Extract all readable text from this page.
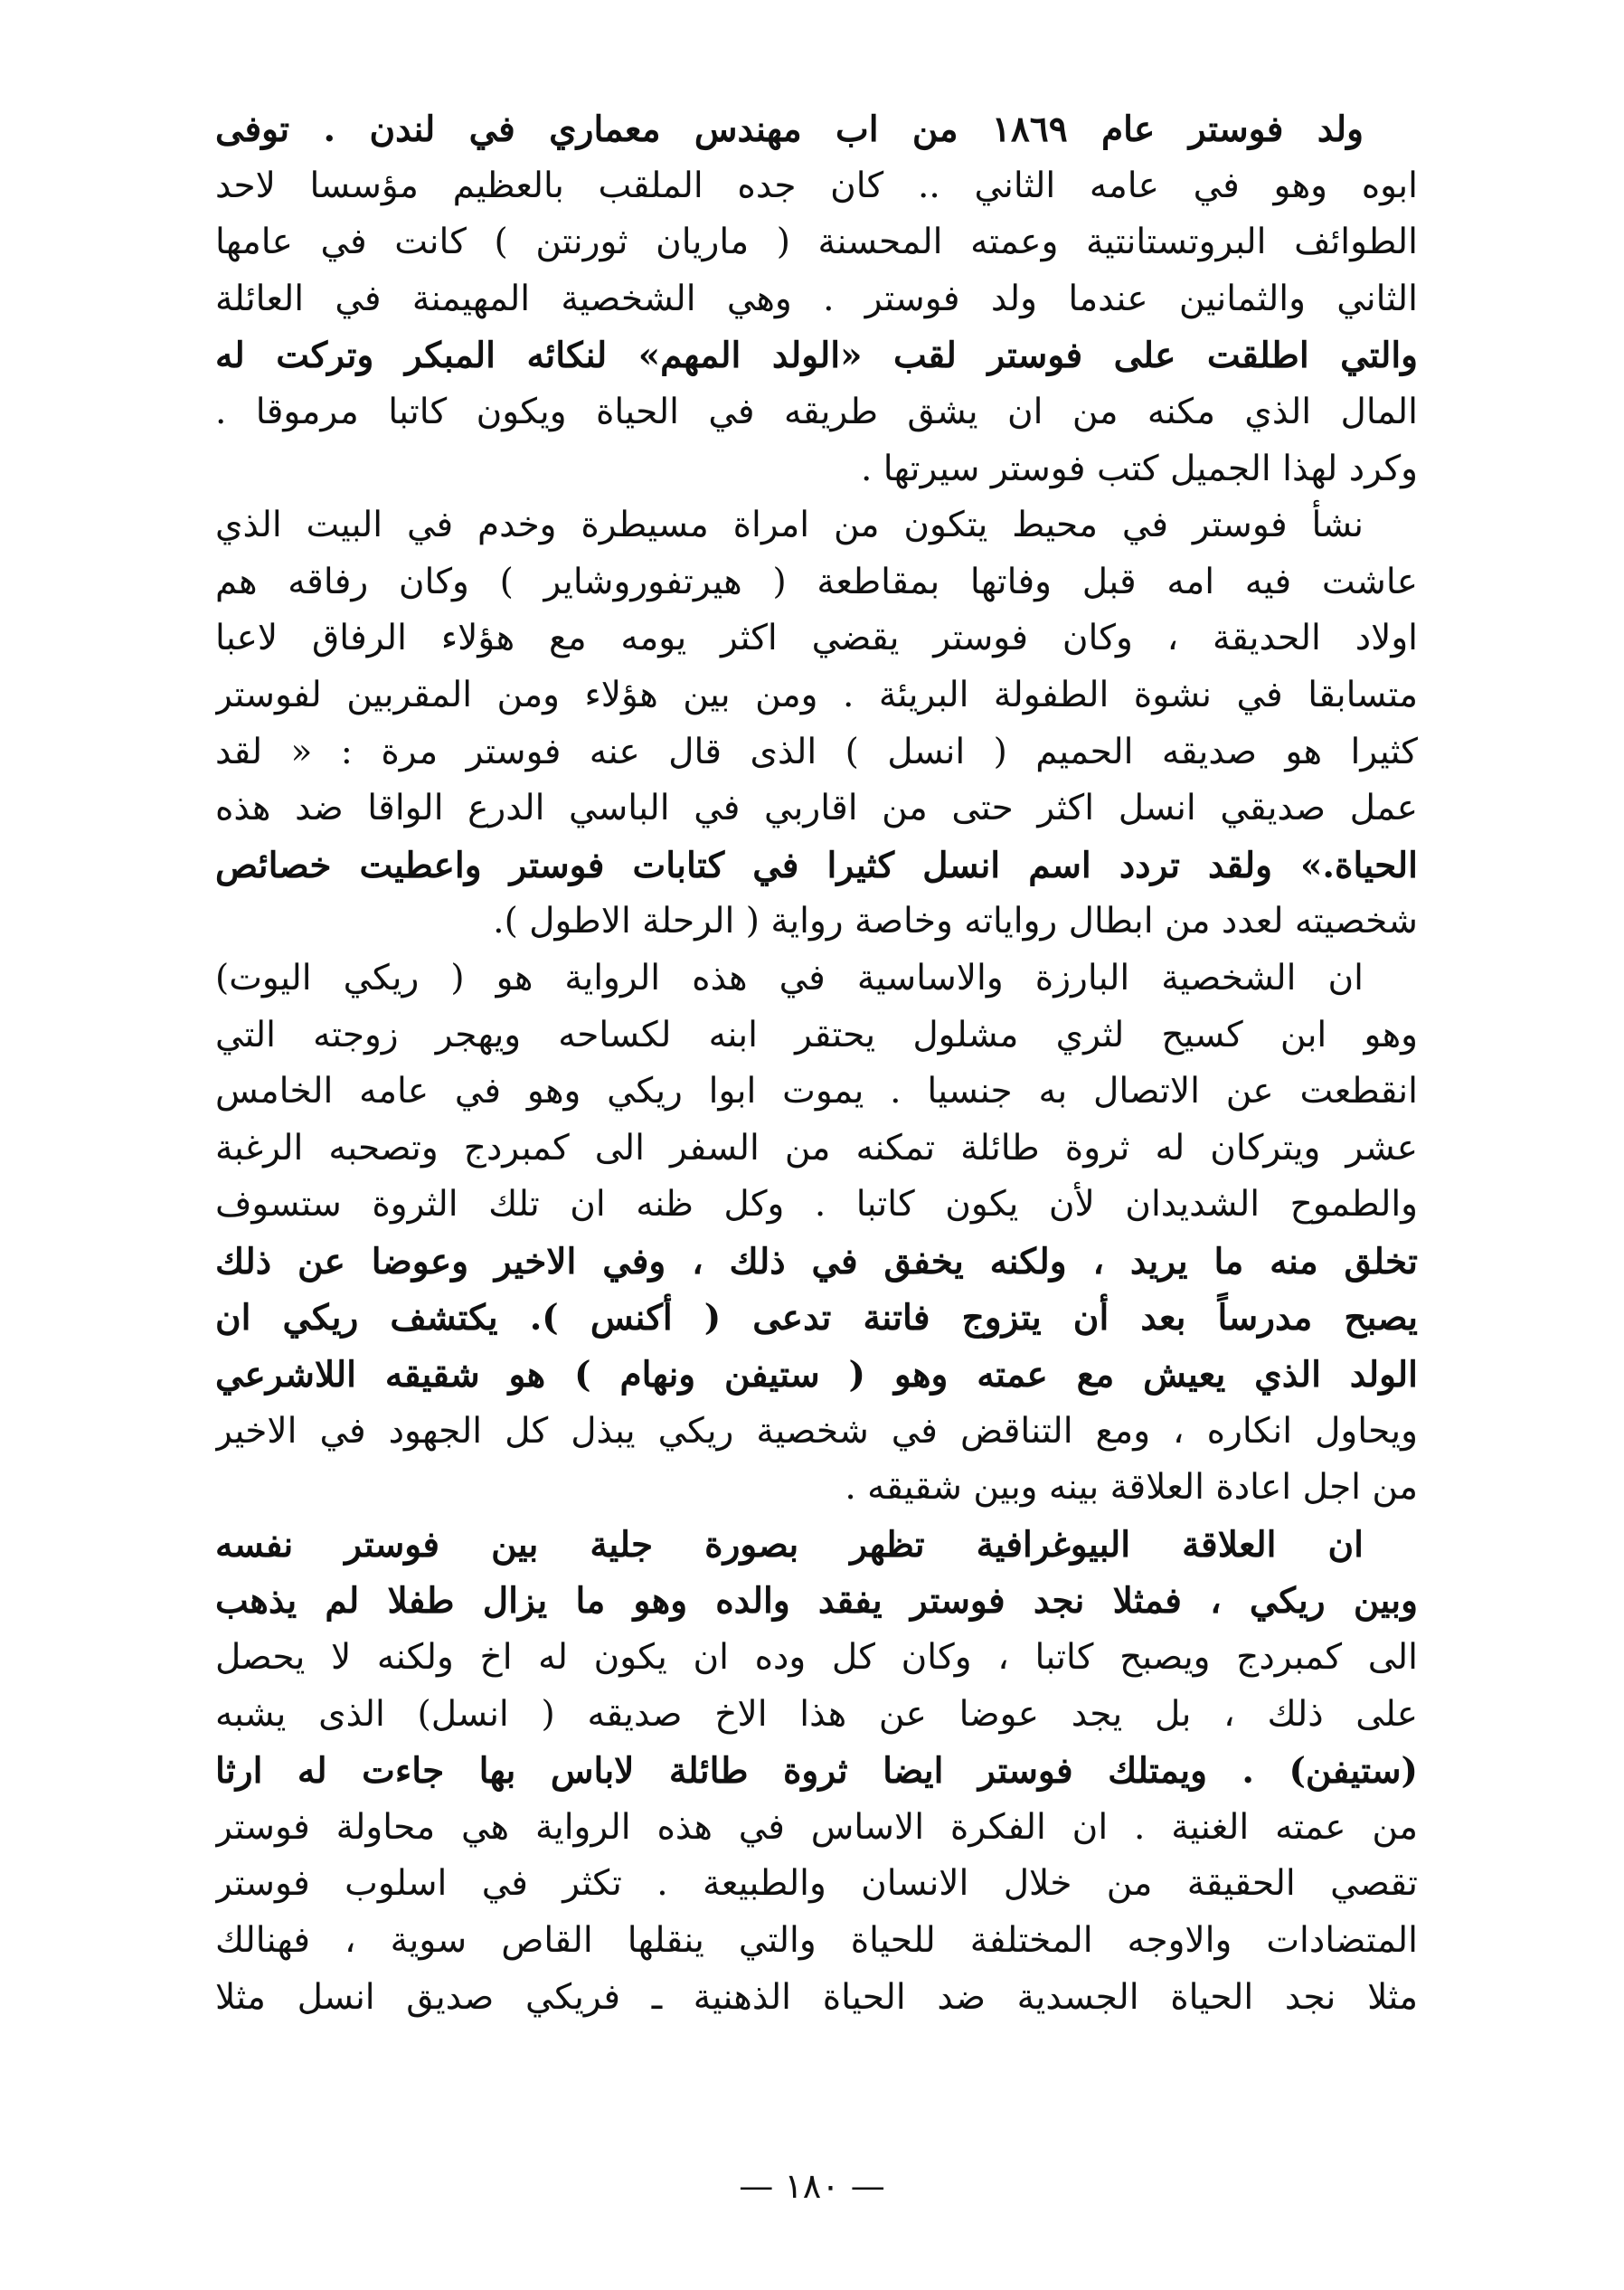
ولد فوستر عام ١٨٦٩ من اب مهندس معماري في لندن . توفى
ابوه وهو في عامه الثاني .. كان جده الملقب بالعظيم مؤسسا لاحد
الطوائف البروتستانتية وعمته المحسنة ( ماريان ثورنتن ) كانت في عامها
الثاني والثمانين عندما ولد فوستر . وهي الشخصية المهيمنة في العائلة
والتي اطلقت على فوستر لقب «الولد المهم» لنكائه المبكر وتركت له
المال الذي مكنه من ان يشق طريقه في الحياة ويكون كاتبا مرموقا .
وكرد لهذا الجميل كتب فوستر سيرتها .
نشأ فوستر في محيط يتكون من امراة مسيطرة وخدم في البيت الذي
عاشت فيه امه قبل وفاتها بمقاطعة ( هيرتفوروشاير ) وكان رفاقه هم
اولاد الحديقة ، وكان فوستر يقضي اكثر يومه مع هؤلاء الرفاق لاعبا
متسابقا في نشوة الطفولة البريئة . ومن بين هؤلاء ومن المقربين لفوستر
كثيرا هو صديقه الحميم ( انسل ) الذى قال عنه فوستر مرة : « لقد
عمل صديقي انسل اكثر حتى من اقاربي في الباسي الدرع الواقا ضد هذه
الحياة.» ولقد تردد اسم انسل كثيرا في كتابات فوستر واعطيت خصائص
شخصيته لعدد من ابطال رواياته وخاصة رواية ( الرحلة الاطول ).
ان الشخصية البارزة والاساسية في هذه الرواية هو ( ريكي اليوت)
وهو ابن كسيح لثري مشلول يحتقر ابنه لكساحه ويهجر زوجته التي
انقطعت عن الاتصال به جنسيا . يموت ابوا ريكي وهو في عامه الخامس
عشر ويتركان له ثروة طائلة تمكنه من السفر الى كمبردج وتصحبه الرغبة
والطموح الشديدان لأن يكون كاتبا . وكل ظنه ان تلك الثروة ستسوف
تخلق منه ما يريد ، ولكنه يخفق في ذلك ، وفي الاخير وعوضا عن ذلك
يصبح مدرساً بعد أن يتزوج فاتنة تدعى ( أكنس ). يكتشف ريكي ان
الولد الذي يعيش مع عمته وهو ( ستيفن ونهام ) هو شقيقه اللاشرعي
ويحاول انكاره ، ومع التناقض في شخصية ريكي يبذل كل الجهود في الاخير
من اجل اعادة العلاقة بينه وبين شقيقه .
ان العلاقة البيوغرافية تظهر بصورة جلية بين فوستر نفسه
وبين ريكي ، فمثلا نجد فوستر يفقد والده وهو ما يزال طفلا لم يذهب
الى كمبردج ويصبح كاتبا ، وكان كل وده ان يكون له اخ ولكنه لا يحصل
على ذلك ، بل يجد عوضا عن هذا الاخ صديقه ( انسل) الذى يشبه
(ستيفن) . ويمتلك فوستر ايضا ثروة طائلة لاباس بها جاءت له ارثا
من عمته الغنية . ان الفكرة الاساس في هذه الرواية هي محاولة فوستر
تقصي الحقيقة من خلال الانسان والطبيعة . تكثر في اسلوب فوستر
المتضادات والاوجه المختلفة للحياة والتي ينقلها القاص سوية ، فهنالك
مثلا نجد الحياة الجسدية ضد الحياة الذهنية ـ فريكي صديق انسل مثلا
— ١٨٠ —
